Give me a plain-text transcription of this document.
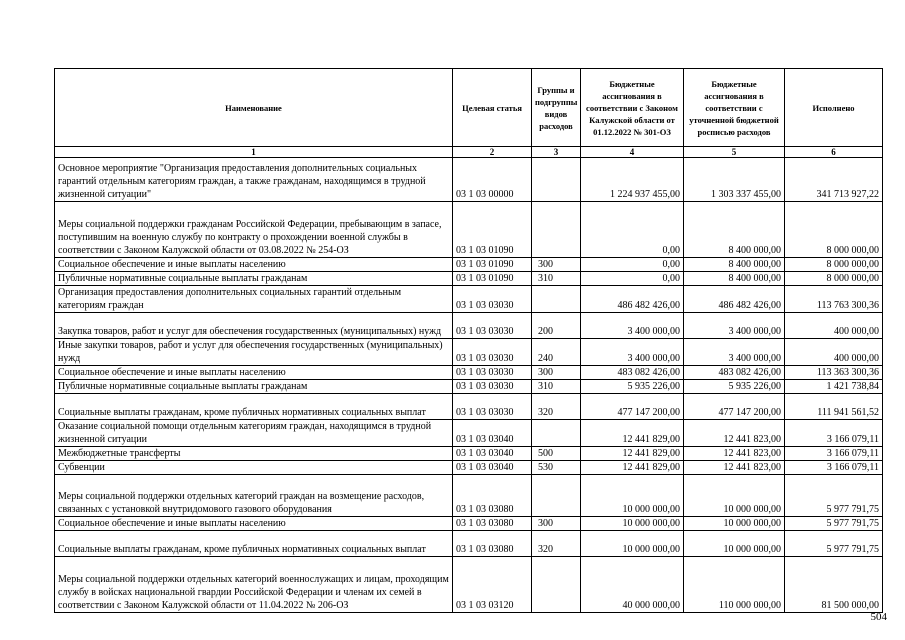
Наименование	Целевая статья	Группы и подгруппы видов расходов	Бюджетные ассигнования в соответствии с Законом Калужской области от 01.12.2022 № 301-ОЗ	Бюджетные ассигнования в соответствии с уточненной бюджетной росписью расходов	Исполнено
1	2	3	4	5	6
Основное мероприятие "Организация предоставления дополнительных социальных гарантий отдельным категориям граждан, а также гражданам, находящимся в трудной жизненной ситуации"	03 1 03 00000		1 224 937 455,00	1 303 337 455,00	341 713 927,22
Меры социальной поддержки гражданам Российской Федерации, пребывающим в запасе, поступившим на военную службу по контракту о прохождении военной службы в соответствии с Законом Калужской области от 03.08.2022 № 254-ОЗ	03 1 03 01090		0,00	8 400 000,00	8 000 000,00
Социальное обеспечение и иные выплаты населению	03 1 03 01090	300	0,00	8 400 000,00	8 000 000,00
Публичные нормативные социальные выплаты гражданам	03 1 03 01090	310	0,00	8 400 000,00	8 000 000,00
Организация предоставления дополнительных социальных гарантий отдельным категориям граждан	03 1 03 03030		486 482 426,00	486 482 426,00	113 763 300,36
Закупка товаров, работ и услуг для обеспечения государственных (муниципальных) нужд	03 1 03 03030	200	3 400 000,00	3 400 000,00	400 000,00
Иные закупки товаров, работ и услуг для обеспечения государственных (муниципальных) нужд	03 1 03 03030	240	3 400 000,00	3 400 000,00	400 000,00
Социальное обеспечение и иные выплаты населению	03 1 03 03030	300	483 082 426,00	483 082 426,00	113 363 300,36
Публичные нормативные социальные выплаты гражданам	03 1 03 03030	310	5 935 226,00	5 935 226,00	1 421 738,84
Социальные выплаты гражданам, кроме публичных нормативных социальных выплат	03 1 03 03030	320	477 147 200,00	477 147 200,00	111 941 561,52
Оказание социальной помощи отдельным категориям граждан, находящимся в трудной жизненной ситуации	03 1 03 03040		12 441 829,00	12 441 823,00	3 166 079,11
Межбюджетные трансферты	03 1 03 03040	500	12 441 829,00	12 441 823,00	3 166 079,11
Субвенции	03 1 03 03040	530	12 441 829,00	12 441 823,00	3 166 079,11
Меры социальной поддержки отдельных категорий граждан на возмещение расходов, связанных с установкой внутридомового газового оборудования	03 1 03 03080		10 000 000,00	10 000 000,00	5 977 791,75
Социальное обеспечение и иные выплаты населению	03 1 03 03080	300	10 000 000,00	10 000 000,00	5 977 791,75
Социальные выплаты гражданам, кроме публичных нормативных социальных выплат	03 1 03 03080	320	10 000 000,00	10 000 000,00	5 977 791,75
Меры социальной поддержки отдельных категорий военнослужащих и лицам, проходящим службу в войсках национальной гвардии Российской Федерации и членам их семей в соответствии с Законом Калужской области от 11.04.2022 № 206-ОЗ	03 1 03 03120		40 000 000,00	110 000 000,00	81 500 000,00
504
